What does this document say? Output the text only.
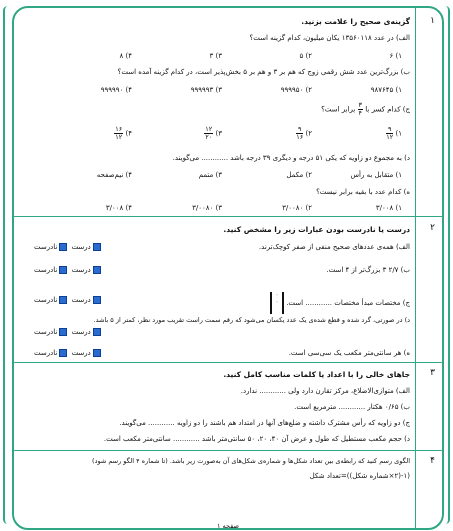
۱
گزینه‌ی صحیح را علامت بزنید.
الف) در عدد ۱۳۵۶۰۱۱۸ یکان میلیون، کدام گزینه است؟
۱) ۶
۲) ۵
۳) ۳
۴) ۸
ب) بزرگ‌ترین عدد شش رقمی زوج که هم بر ۳ و هم بر ۵ بخش‌پذیر است، در کدام گزینه آمده است؟
۱) ۹۸۷۶۴۵
۲) ۹۹۹۹۵۰
۳) ۹۹۹۹۹۳
۴) ۹۹۹۹۹۰
ج) کدام کسر با
$\frac{۳}{۴}$
برابر است؟
۱)
$\frac{۹}{۱۲}$
۲)
$\frac{۹}{۱۶}$
۳)
$\frac{۱۲}{۲۰}$
۴)
$\frac{۱۶}{۱۲}$
د) به مجموع دو زاویه که یکی ۵۱ درجه و دیگری ۳۹ درجه باشد ............ می‌گویند.
۱) متقابل به رأس
۲) مکمل
۳) متمم
۴) نیم‌صفحه
ه) کدام عدد با بقیه برابر نیست؟
۱) ۳/۰۰۸
۲) ۳/۰۰۸۰
۳) ۳/۰۰۸۰
۴) ۳/۰۰۸
۲
درست یا نادرست بودن عبارات زیر را مشخص کنید.
الف) همه‌ی عددهای صحیح منفی از صفر کوچک‌ترند.
درست نادرست
ب) ۲/۷ ۳ بزرگ‌تر از ۴ است.
درست نادرست
ج) مختصات مبدأ مختصات ............ است. ۰
۰
درست نادرست
د) در صورتی، گرد شده و قطع شده‌ی یک عدد یکسان می‌شود که رقم سمت راست تقریب مورد نظر، کمتر از ۵ باشد.
درست نادرست
ه) هر سانتی‌متر مکعب یک سی‌سی است.
درست نادرست
۳
جاهای خالی را با اعداد یا کلمات مناسب کامل کنید.
الف) متوازی‌الاضلاع، مرکز تقارن دارد ولی ............ ندارد.
ب) ۰/۶۵ هکتار ............ مترمربع است.
ج) دو زاویه که رأس مشترک داشته و ضلع‌های آنها در امتداد هم باشند را دو زاویه ............ می‌گویند.
د) حجم مکعب مستطیل که طول و عرض آن ۴۰، ۲۰، ۵۰ سانتی‌متر باشد ............ سانتی‌متر مکعب است.
۴
الگوی رسم کنید که رابطه‌ی بین تعداد شکل‌ها و شماره‌ی شکل‌های آن به‌صورت زیر باشد. (تا شماره ۴ الگو رسم شود)
(۱-(۲×شماره شکل))=تعداد شکل
صفحه ۱
